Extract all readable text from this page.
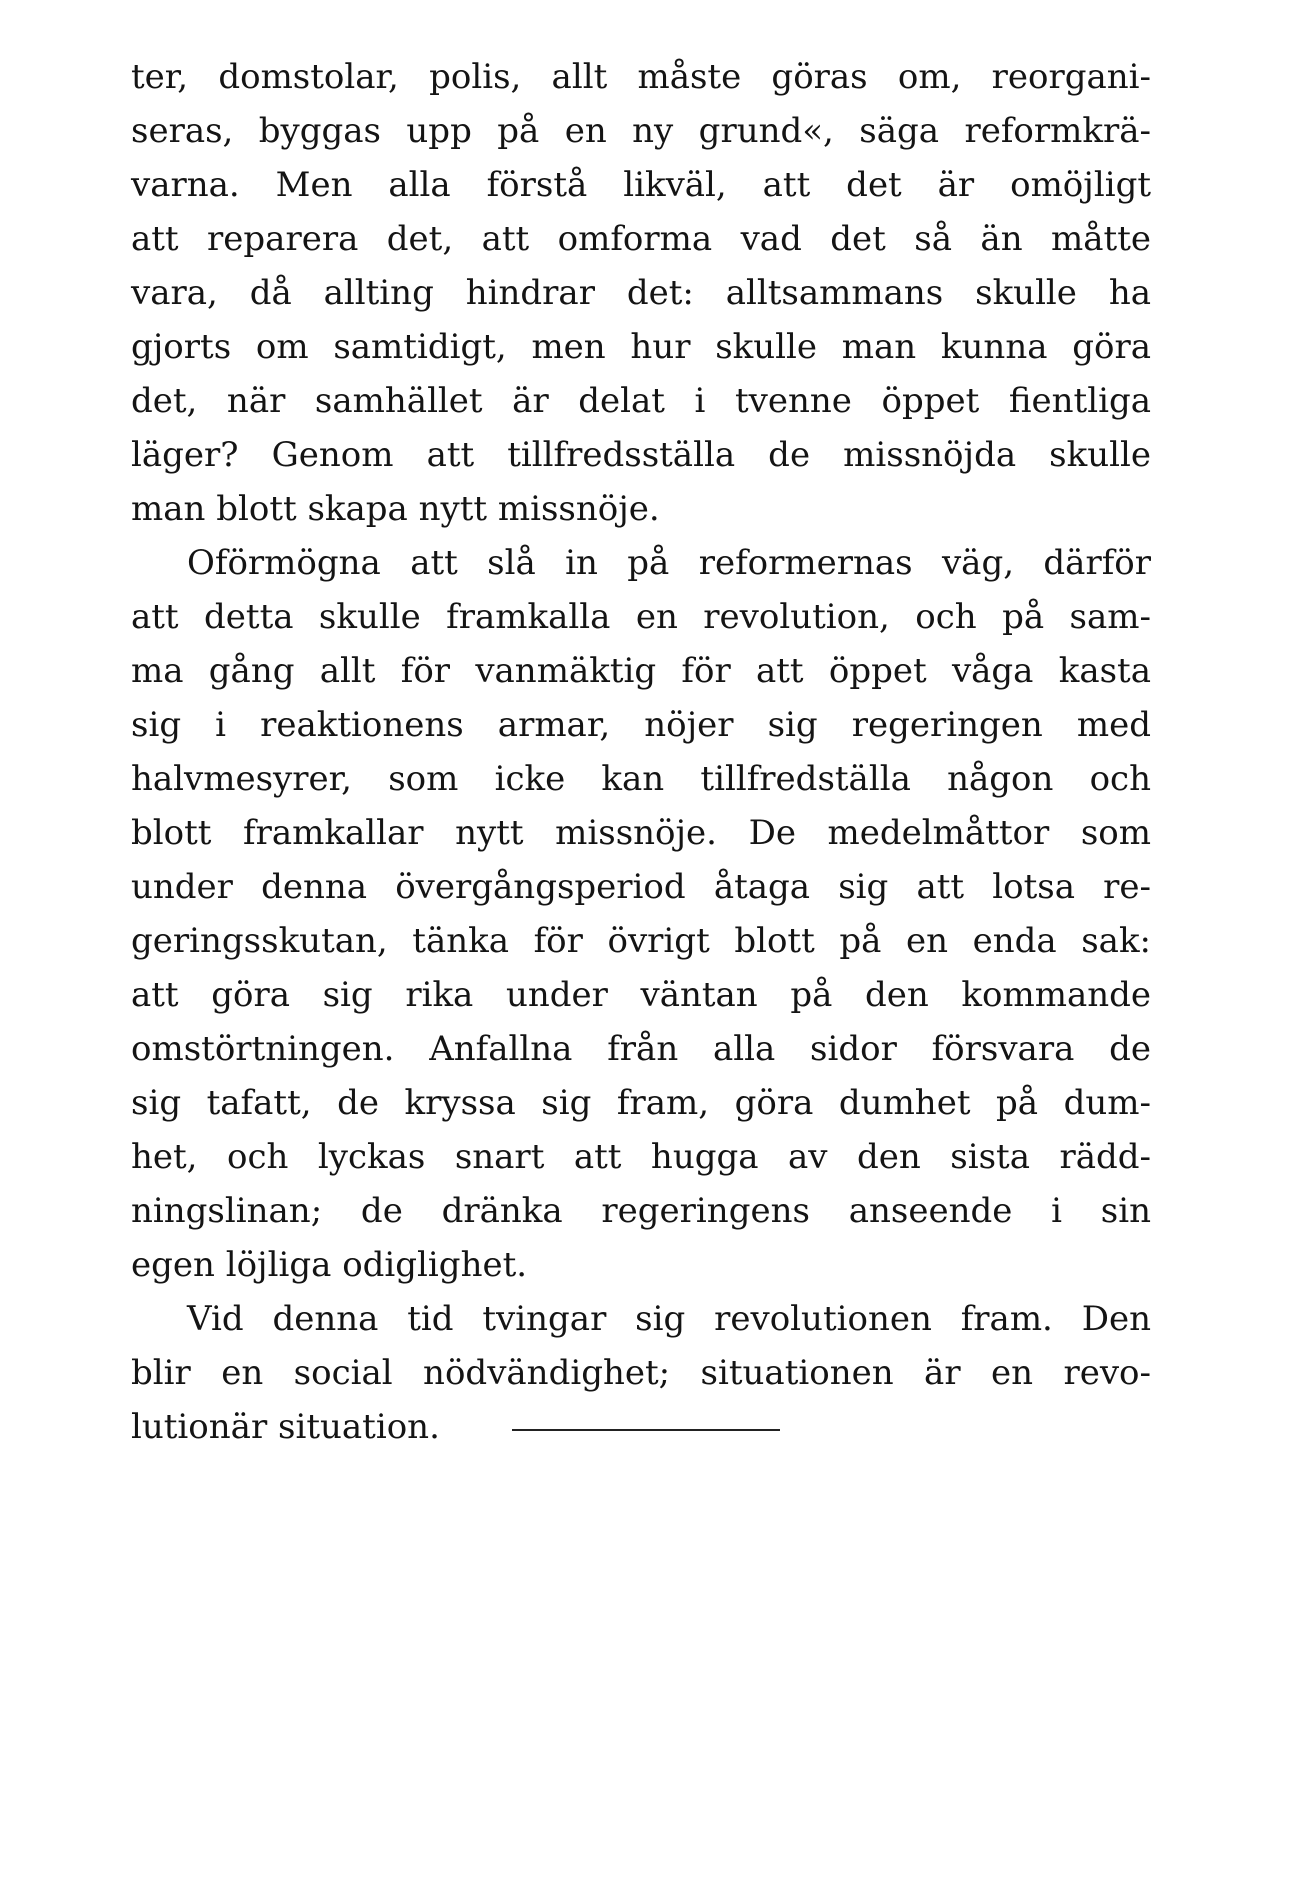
ter, domstolar, polis, allt måste göras om, reorgani-
seras, byggas upp på en ny grund«, säga reformkrä-
varna. Men alla förstå likväl, att det är omöjligt
att reparera det, att omforma vad det så än måtte
vara, då allting hindrar det: alltsammans skulle ha
gjorts om samtidigt, men hur skulle man kunna göra
det, när samhället är delat i tvenne öppet fientliga
läger? Genom att tillfredsställa de missnöjda skulle
man blott skapa nytt missnöje.
Oförmögna att slå in på reformernas väg, därför
att detta skulle framkalla en revolution, och på sam-
ma gång allt för vanmäktig för att öppet våga kasta
sig i reaktionens armar, nöjer sig regeringen med
halvmesyrer, som icke kan tillfredställa någon och
blott framkallar nytt missnöje. De medelmåttor som
under denna övergångsperiod åtaga sig att lotsa re-
geringsskutan, tänka för övrigt blott på en enda sak:
att göra sig rika under väntan på den kommande
omstörtningen. Anfallna från alla sidor försvara de
sig tafatt, de kryssa sig fram, göra dumhet på dum-
het, och lyckas snart att hugga av den sista rädd-
ningslinan; de dränka regeringens anseende i sin
egen löjliga odiglighet.
Vid denna tid tvingar sig revolutionen fram. Den
blir en social nödvändighet; situationen är en revo-
lutionär situation.
